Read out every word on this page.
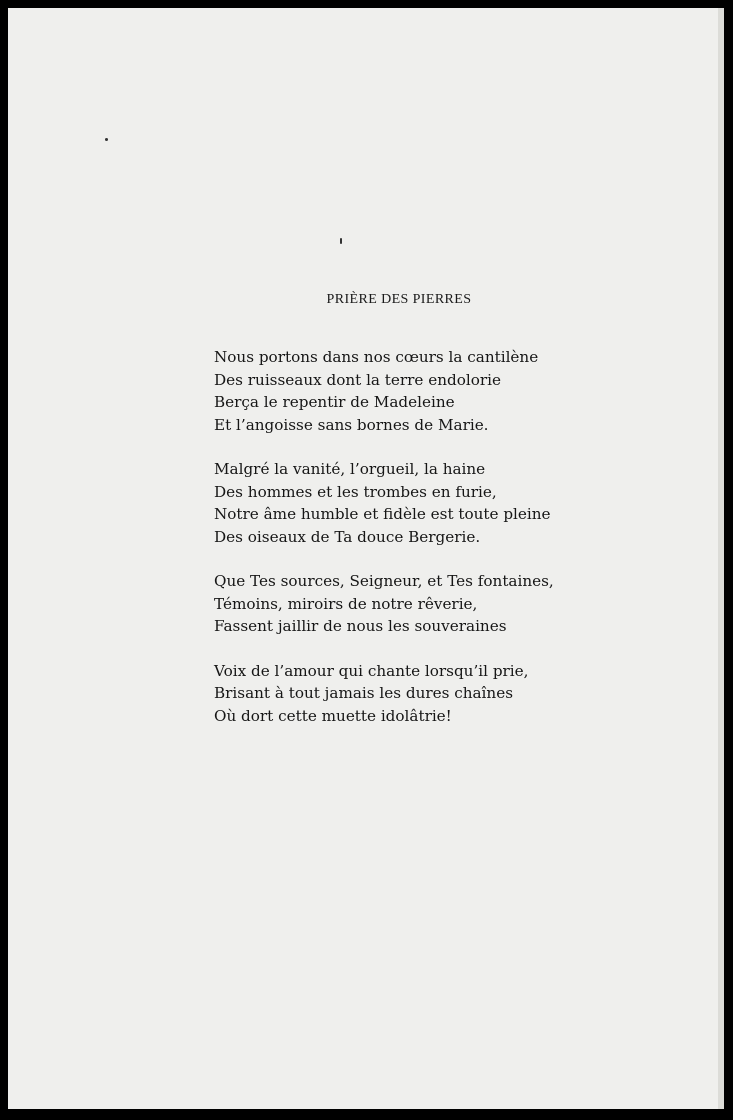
PRIÈRE DES PIERRES
Nous portons dans nos cœurs la cantilène
Des ruisseaux dont la terre endolorie
Berça le repentir de Madeleine
Et l’angoisse sans bornes de Marie.
Malgré la vanité, l’orgueil, la haine
Des hommes et les trombes en furie,
Notre âme humble et fidèle est toute pleine
Des oiseaux de Ta douce Bergerie.
Que Tes sources, Seigneur, et Tes fontaines,
Témoins, miroirs de notre rêverie,
Fassent jaillir de nous les souveraines
Voix de l’amour qui chante lorsqu’il prie,
Brisant à tout jamais les dures chaînes
Où dort cette muette idolâtrie!
